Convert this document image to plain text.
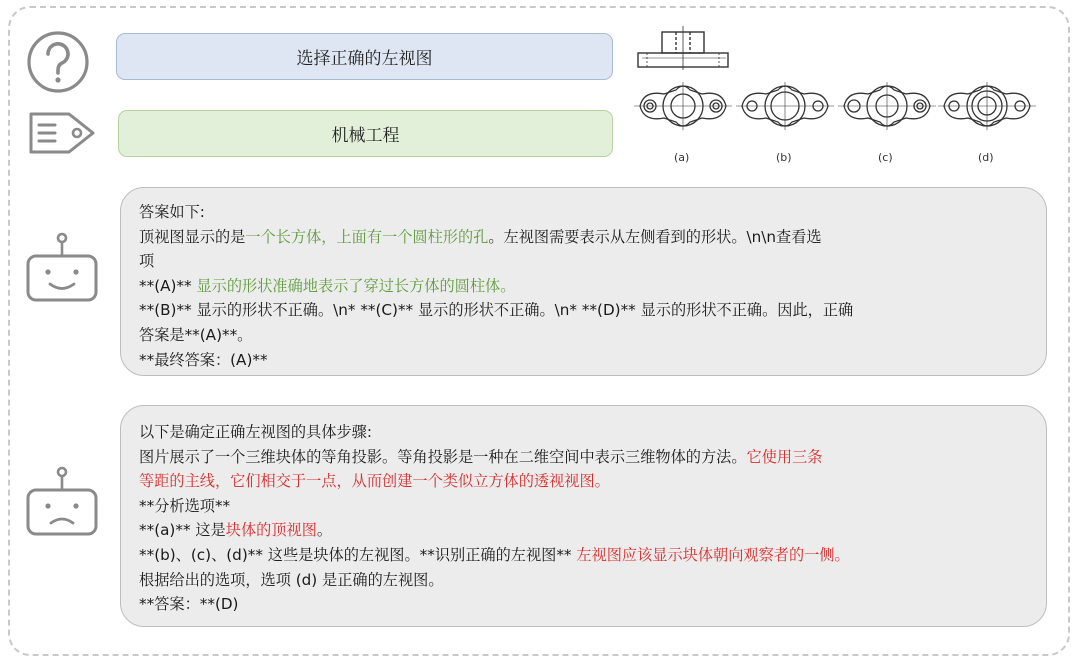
选择正确的左视图
机械工程
(a)	(b)	(c)	(d)
答案如下:
顶视图显示的是一个长方体，上面有一个圆柱形的孔。左视图需要表示从左侧看到的形状。\n\n查看选
项
**(A)** 显示的形状准确地表示了穿过长方体的圆柱体。
**(B)** 显示的形状不正确。\n* **(C)** 显示的形状不正确。\n* **(D)** 显示的形状不正确。因此，正确
答案是**(A)**。
**最终答案：(A)**
以下是确定正确左视图的具体步骤:
图片展示了一个三维块体的等角投影。等角投影是一种在二维空间中表示三维物体的方法。它使用三条
等距的主线，它们相交于一点，从而创建一个类似立方体的透视视图。
**分析选项**
**(a)** 这是块体的顶视图。
**(b)、(c)、(d)** 这些是块体的左视图。**识别正确的左视图** 左视图应该显示块体朝向观察者的一侧。
根据给出的选项，选项 (d) 是正确的左视图。
**答案：**(D)
